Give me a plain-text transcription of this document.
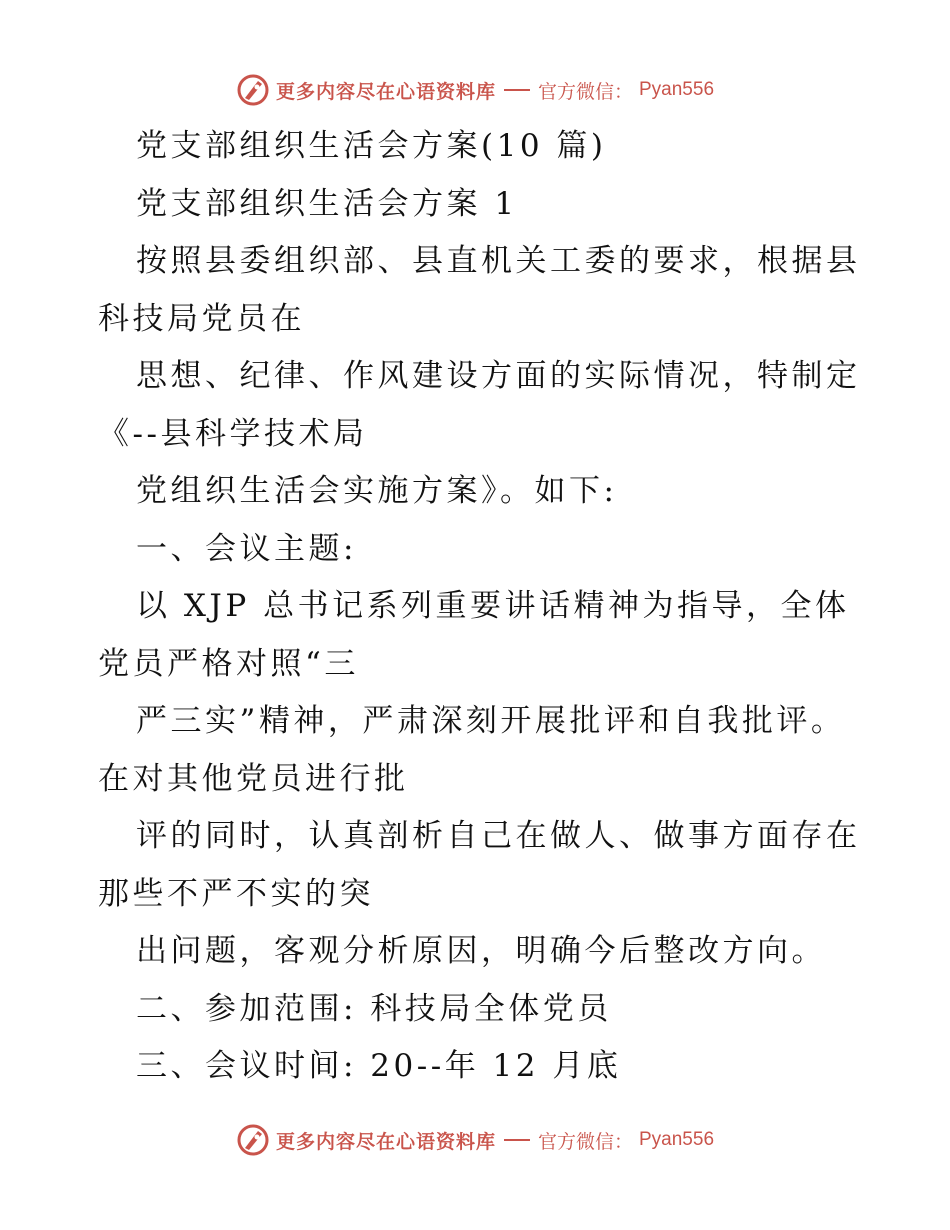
更多内容尽在心语资料库 官方微信： Pyan556
党支部组织生活会方案(10 篇)
党支部组织生活会方案 1
按照县委组织部、县直机关工委的要求，根据县
科技局党员在
思想、纪律、作风建设方面的实际情况，特制定
《--县科学技术局
党组织生活会实施方案》。如下:
一、会议主题:
以 XJP 总书记系列重要讲话精神为指导，全体
党员严格对照“三
严三实”精神，严肃深刻开展批评和自我批评。
在对其他党员进行批
评的同时，认真剖析自己在做人、做事方面存在
那些不严不实的突
出问题，客观分析原因，明确今后整改方向。
二、参加范围: 科技局全体党员
三、会议时间: 20--年 12 月底
更多内容尽在心语资料库 官方微信： Pyan556
